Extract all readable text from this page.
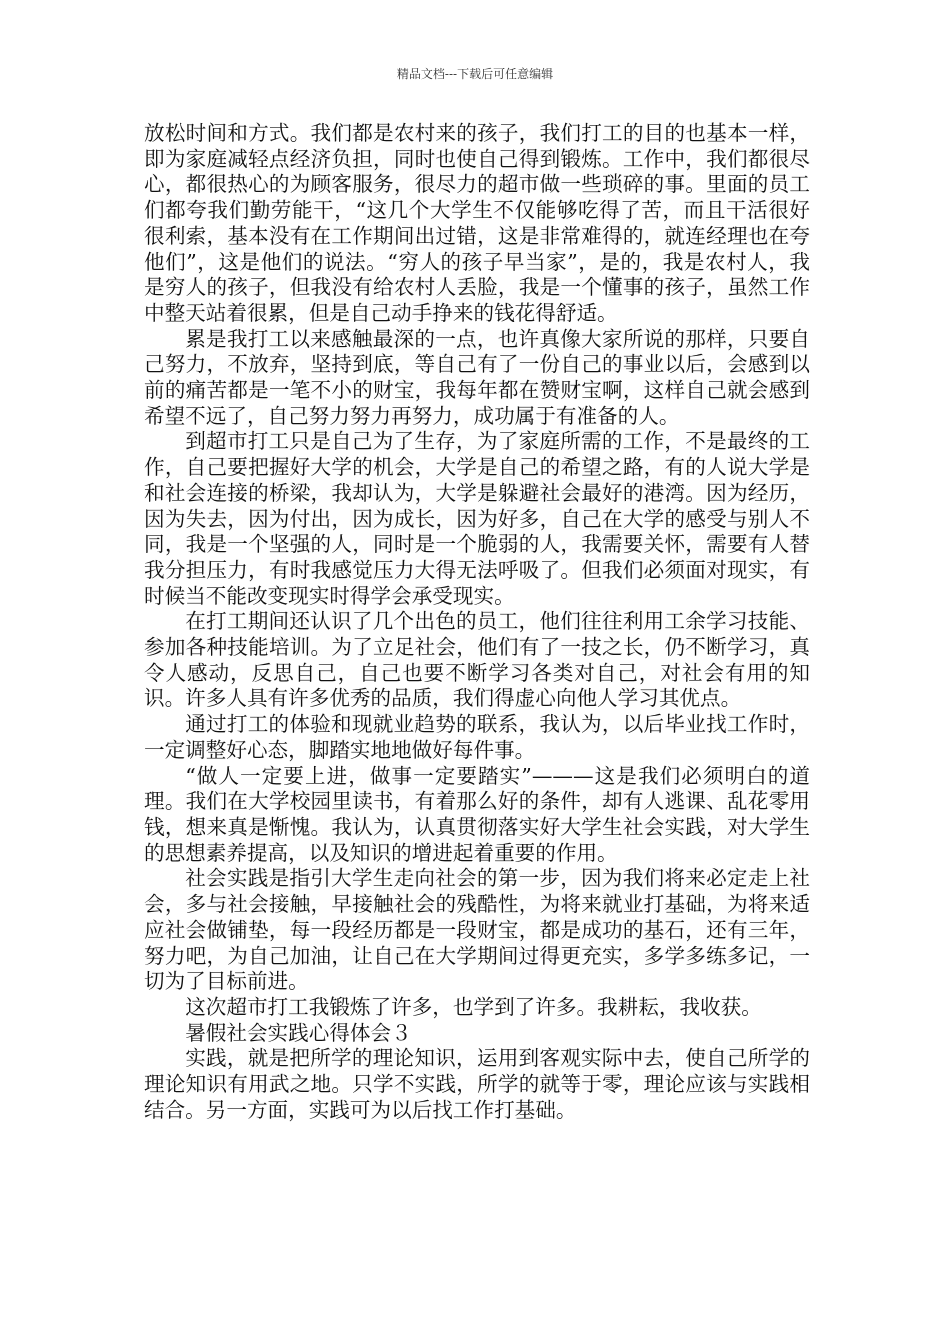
精品文档---下载后可任意编辑

放松时间和方式。我们都是农村来的孩子，我们打工的目的也基本一样，即为家庭减轻点经济负担，同时也使自己得到锻炼。工作中，我们都很尽心，都很热心的为顾客服务，很尽力的超市做一些琐碎的事。里面的员工们都夸我们勤劳能干，“这几个大学生不仅能够吃得了苦，而且干活很好很利索，基本没有在工作期间出过错，这是非常难得的，就连经理也在夸他们”，这是他们的说法。“穷人的孩子早当家”，是的，我是农村人，我是穷人的孩子，但我没有给农村人丢脸，我是一个懂事的孩子，虽然工作中整天站着很累，但是自己动手挣来的钱花得舒适。

累是我打工以来感触最深的一点，也许真像大家所说的那样，只要自己努力，不放弃，坚持到底，等自己有了一份自己的事业以后，会感到以前的痛苦都是一笔不小的财宝，我每年都在赞财宝啊，这样自己就会感到希望不远了，自己努力努力再努力，成功属于有准备的人。

到超市打工只是自己为了生存，为了家庭所需的工作，不是最终的工作，自己要把握好大学的机会，大学是自己的希望之路，有的人说大学是和社会连接的桥梁，我却认为，大学是躲避社会最好的港湾。因为经历，因为失去，因为付出，因为成长，因为好多，自己在大学的感受与别人不同，我是一个坚强的人，同时是一个脆弱的人，我需要关怀，需要有人替我分担压力，有时我感觉压力大得无法呼吸了。但我们必须面对现实，有时候当不能改变现实时得学会承受现实。

在打工期间还认识了几个出色的员工，他们往往利用工余学习技能、参加各种技能培训。为了立足社会，他们有了一技之长，仍不断学习，真令人感动，反思自己，自己也要不断学习各类对自己，对社会有用的知识。许多人具有许多优秀的品质，我们得虚心向他人学习其优点。

通过打工的体验和现就业趋势的联系，我认为，以后毕业找工作时，一定调整好心态，脚踏实地地做好每件事。

“做人一定要上进，做事一定要踏实”———这是我们必须明白的道理。我们在大学校园里读书，有着那么好的条件，却有人逃课、乱花零用钱，想来真是惭愧。我认为，认真贯彻落实好大学生社会实践，对大学生的思想素养提高，以及知识的增进起着重要的作用。

社会实践是指引大学生走向社会的第一步，因为我们将来必定走上社会，多与社会接触，早接触社会的残酷性，为将来就业打基础，为将来适应社会做铺垫，每一段经历都是一段财宝，都是成功的基石，还有三年，努力吧，为自己加油，让自己在大学期间过得更充实，多学多练多记，一切为了目标前进。

这次超市打工我锻炼了许多，也学到了许多。我耕耘，我收获。

暑假社会实践心得体会３

实践，就是把所学的理论知识，运用到客观实际中去，使自己所学的理论知识有用武之地。只学不实践，所学的就等于零，理论应该与实践相结合。另一方面，实践可为以后找工作打基础。
